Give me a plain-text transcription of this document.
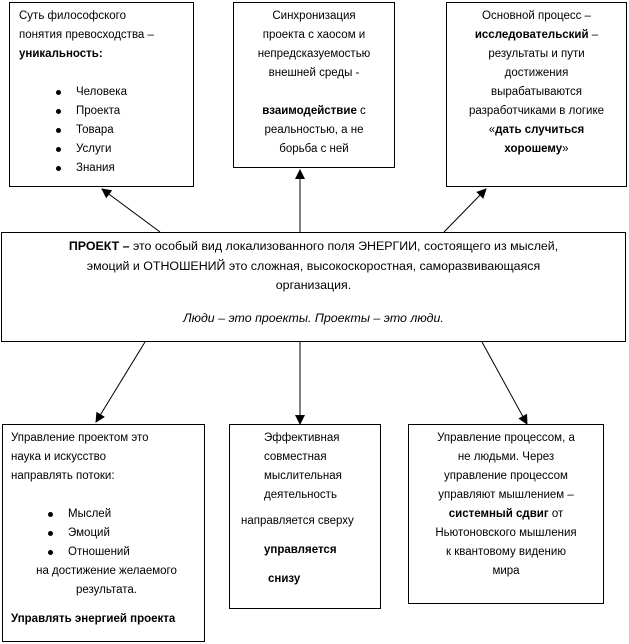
Суть философского

понятия превосходства –

уникальность:

Человека
Проекта
Товара
Услуги
Знания

Синхронизация

проекта с хаосом и

непредсказуемостью

внешней среды -

взаимодействие с

реальностью, а не

борьба с ней

Основной процесс –

исследовательский –

результаты и пути

достижения

вырабатываются

разработчиками в логике

«дать случиться

хорошему»

ПРОЕКТ – это особый вид локализованного поля ЭНЕРГИИ, состоящего из мыслей,

эмоций и ОТНОШЕНИЙ это сложная, высокоскоростная, саморазвивающаяся

организация.

Люди – это проекты. Проекты – это люди.

Управление проектом это

наука и искусство

направлять потоки:

Мыслей
Эмоций
Отношений

на достижение желаемого

результата.

Управлять энергией проекта

Эффективная

совместная

мыслительная

деятельность

направляется сверху

управляется

снизу

Управление процессом, а

не людьми. Через

управление процессом

управляют мышлением –

системный сдвиг от

Ньютоновского мышления

к квантовому видению

мира
